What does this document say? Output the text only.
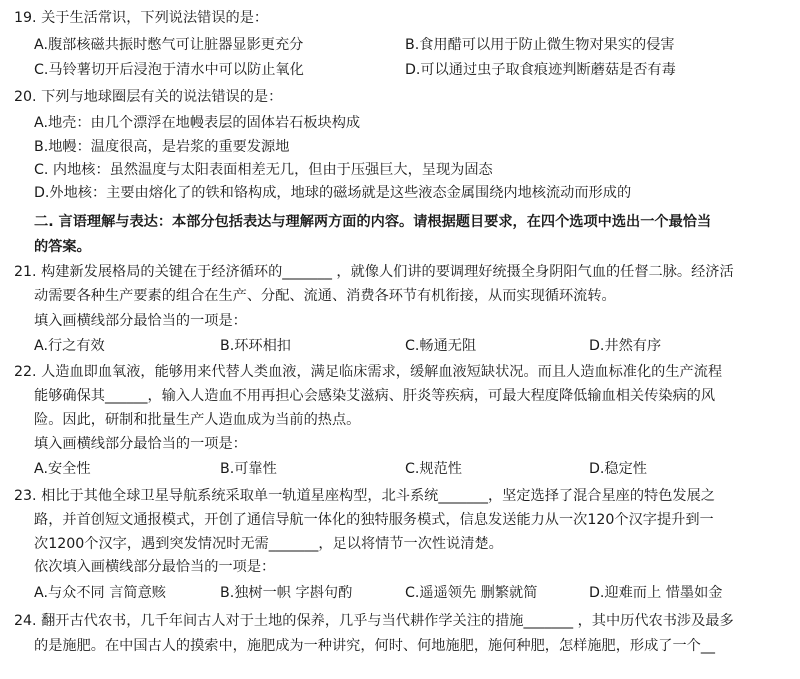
19. 关于生活常识，下列说法错误的是：
A.腹部核磁共振时憋气可让脏器显影更充分	B.食用醋可以用于防止微生物对果实的侵害
C.马铃薯切开后浸泡于清水中可以防止氧化	D.可以通过虫子取食痕迹判断蘑菇是否有毒
20. 下列与地球圈层有关的说法错误的是：
A.地壳：由几个漂浮在地幔表层的固体岩石板块构成
B.地幔：温度很高，是岩浆的重要发源地
C. 内地核：虽然温度与太阳表面相差无几，但由于压强巨大，呈现为固态
D.外地核：主要由熔化了的铁和铬构成，地球的磁场就是这些液态金属围绕内地核流动而形成的
二. 言语理解与表达：本部分包括表达与理解两方面的内容。请根据题目要求，在四个选项中选出一个最恰当
的答案。
21. 构建新发展格局的关键在于经济循环的_______ ，就像人们讲的要调理好统摄全身阴阳气血的任督二脉。经济活
动需要各种生产要素的组合在生产、分配、流通、消费各环节有机衔接，从而实现循环流转。
填入画横线部分最恰当的一项是：
A.行之有效	B.环环相扣	C.畅通无阻	D.井然有序
22. 人造血即血氧液，能够用来代替人类血液，满足临床需求，缓解血液短缺状况。而且人造血标准化的生产流程
能够确保其______，输入人造血不用再担心会感染艾滋病、肝炎等疾病，可最大程度降低输血相关传染病的风
险。因此，研制和批量生产人造血成为当前的热点。
填入画横线部分最恰当的一项是：
A.安全性	B.可靠性	C.规范性	D.稳定性
23. 相比于其他全球卫星导航系统采取单一轨道星座构型，北斗系统_______，坚定选择了混合星座的特色发展之
路，并首创短文通报模式，开创了通信导航一体化的独特服务模式，信息发送能力从一次120个汉字提升到一
次1200个汉字，遇到突发情况时无需_______，足以将情节一次性说清楚。
依次填入画横线部分最恰当的一项是：
A.与众不同 言简意赅	B.独树一帜 字斟句酌	C.遥遥领先 删繁就简	D.迎难而上 惜墨如金
24. 翻开古代农书，几千年间古人对于土地的保养，几乎与当代耕作学关注的措施_______ ，其中历代农书涉及最多
的是施肥。在中国古人的摸索中，施肥成为一种讲究，何时、何地施肥，施何种肥，怎样施肥，形成了一个__
